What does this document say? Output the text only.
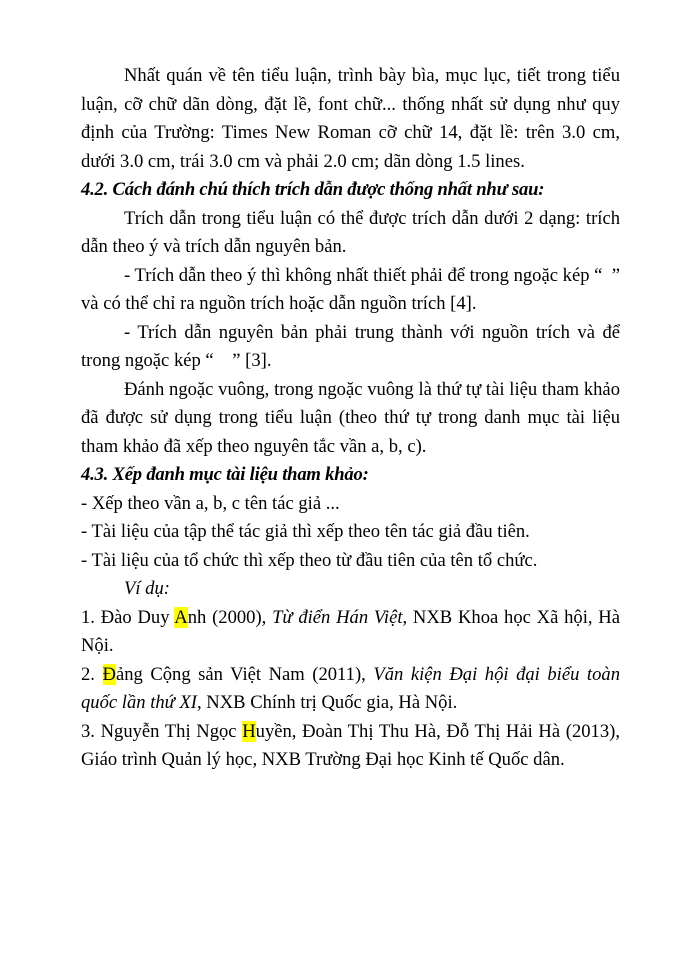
Nhất quán về tên tiểu luận, trình bày bìa, mục lục, tiết trong tiểu luận, cỡ chữ dãn dòng, đặt lề, font chữ... thống nhất sử dụng như quy định của Trường: Times New Roman cỡ chữ 14, đặt lề: trên 3.0 cm, dưới 3.0 cm, trái 3.0 cm và phải 2.0 cm; dãn dòng 1.5 lines.

4.2. Cách đánh chú thích trích dẫn được thống nhất như sau:

Trích dẫn trong tiểu luận có thể được trích dẫn dưới 2 dạng: trích dẫn theo ý và trích dẫn nguyên bản.

- Trích dẫn theo ý thì không nhất thiết phải để trong ngoặc kép “  ” và có thể chỉ ra nguồn trích hoặc dẫn nguồn trích [4].

- Trích dẫn nguyên bản phải trung thành với nguồn trích và để trong ngoặc kép “    ” [3].

Đánh ngoặc vuông, trong ngoặc vuông là thứ tự tài liệu tham khảo đã được sử dụng trong tiểu luận (theo thứ tự trong danh mục tài liệu tham khảo đã xếp theo nguyên tắc vần a, b, c).

4.3. Xếp đanh mục tài liệu tham khảo:

- Xếp theo vần a, b, c tên tác giả ...

- Tài liệu của tập thể tác giả thì xếp theo tên tác giả đầu tiên.

- Tài liệu của tổ chức thì xếp theo từ đầu tiên của tên tổ chức.

Ví dụ:

1. Đào Duy Anh (2000), Từ điển Hán Việt, NXB Khoa học Xã hội, Hà Nội.

2. Đảng Cộng sản Việt Nam (2011), Văn kiện Đại hội đại biểu toàn quốc lần thứ XI, NXB Chính trị Quốc gia, Hà Nội.

3. Nguyễn Thị Ngọc Huyền, Đoàn Thị Thu Hà, Đỗ Thị Hải Hà (2013), Giáo trình Quản lý học, NXB Trường Đại học Kinh tế Quốc dân.
